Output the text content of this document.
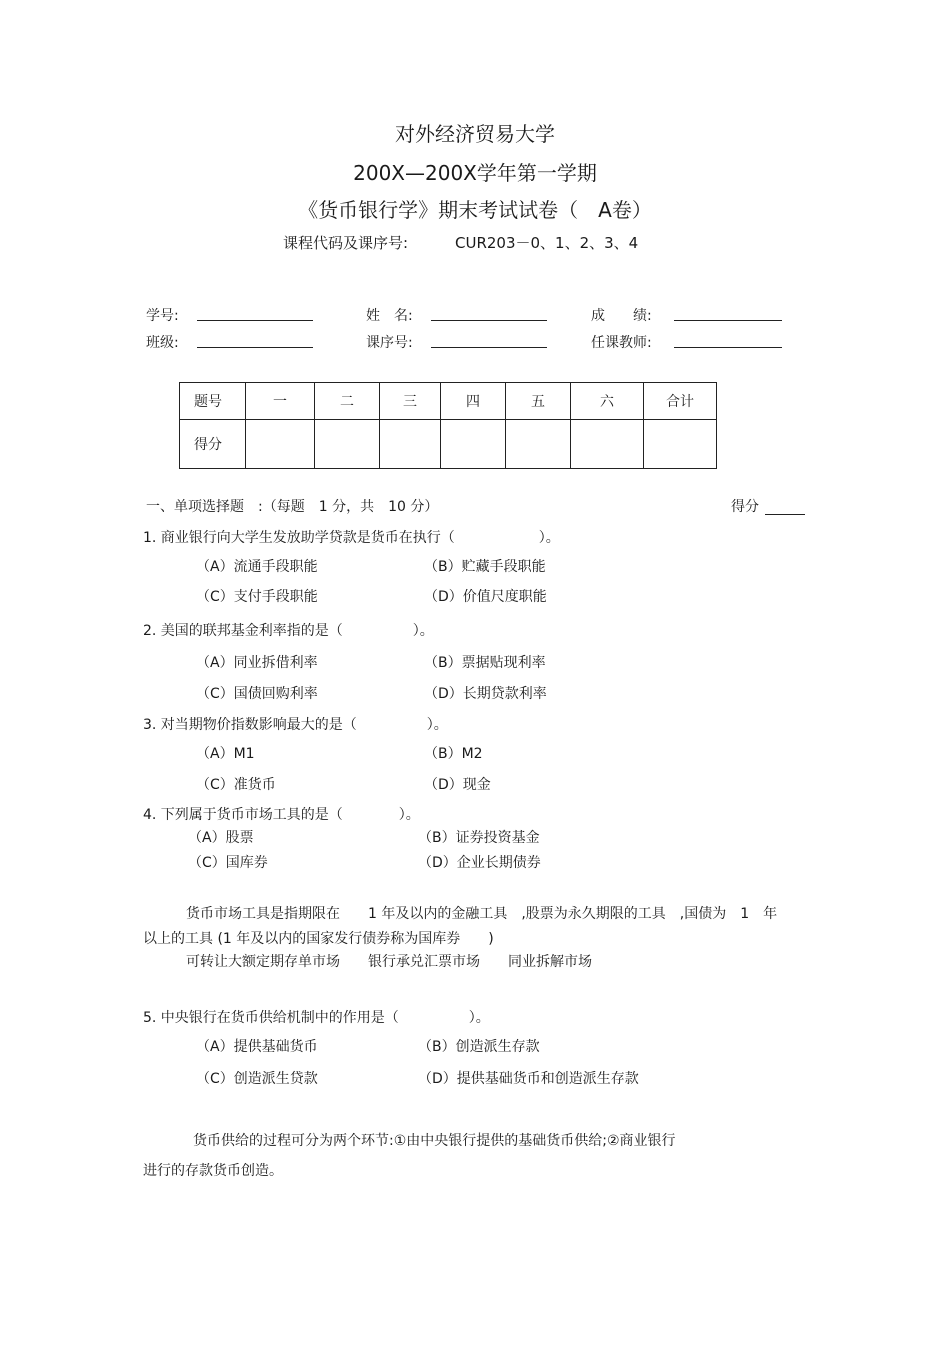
对外经济贸易大学
200X—200X学年第一学期
《货币银行学》期末考试试卷（　A卷）
课程代码及课序号:	CUR203－0、1、2、3、4
学号:	姓　名:	成　　绩:
班级:	课序号:	任课教师:
题号	一	二	三	四	五	六	合计
得分							
一、单项选择题　:（每题　1 分，共　10 分）	得分
1. 商业银行向大学生发放助学贷款是货币在执行（　　　　　　）。
（A）流通手段职能	（B）贮藏手段职能
（C）支付手段职能	（D）价值尺度职能
2. 美国的联邦基金利率指的是（　　　　　）。
（A）同业拆借利率	（B）票据贴现利率
（C）国债回购利率	（D）长期贷款利率
3. 对当期物价指数影响最大的是（　　　　　）。
（A）M1	（B）M2
（C）准货币	（D）现金
4. 下列属于货币市场工具的是（　　　　）。
（A）股票	（B）证券投资基金
（C）国库券	（D）企业长期债券
货币市场工具是指期限在　　1 年及以内的金融工具　,股票为永久期限的工具　,国债为　1　年
以上的工具 (1 年及以内的国家发行债券称为国库券　　)
可转让大额定期存单市场　　银行承兑汇票市场　　同业拆解市场
5. 中央银行在货币供给机制中的作用是（　　　　　）。
（A）提供基础货币	（B）创造派生存款
（C）创造派生贷款	（D）提供基础货币和创造派生存款
货币供给的过程可分为两个环节:①由中央银行提供的基础货币供给;②商业银行
进行的存款货币创造。
